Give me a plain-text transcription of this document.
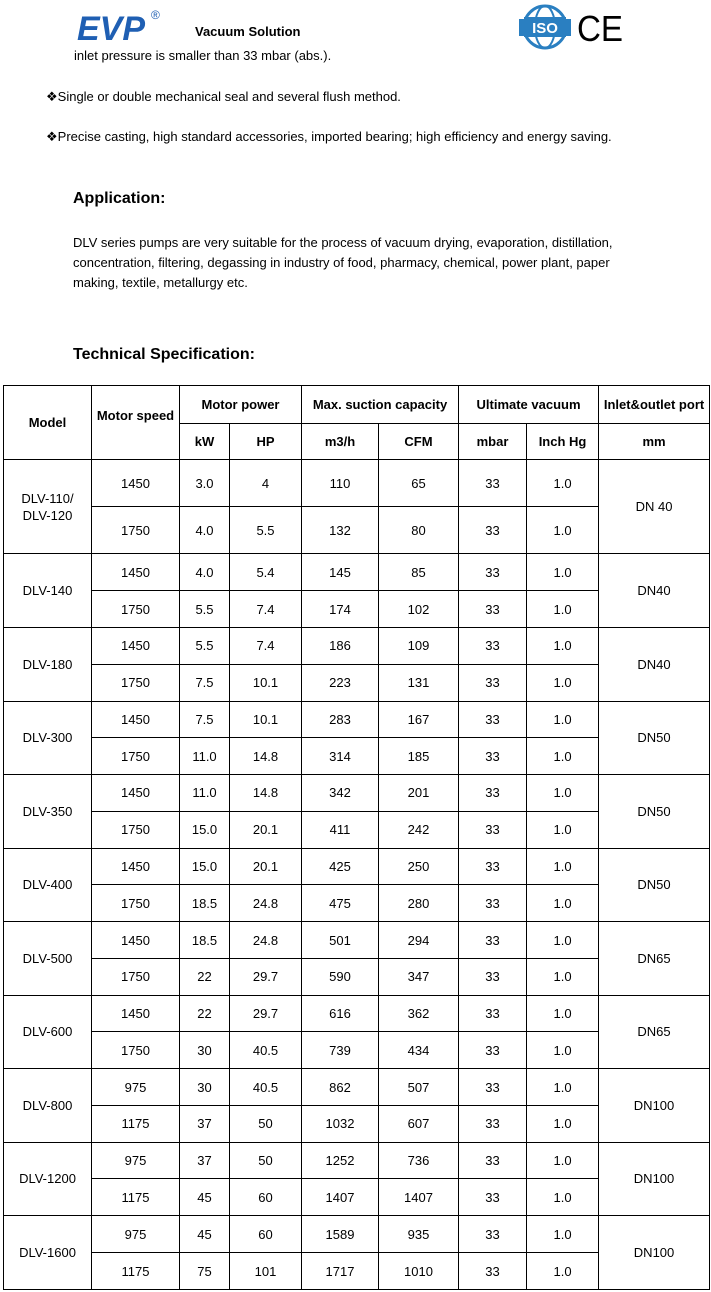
EVP ®
Vacuum Solution	ISO CE
inlet pressure is smaller than 33 mbar (abs.).
❖Single or double mechanical seal and several flush method.
❖Precise casting, high standard accessories, imported bearing; high efficiency and energy saving.
Application:
DLV series pumps are very suitable for the process of vacuum drying, evaporation, distillation,
concentration, filtering, degassing in industry of food, pharmacy, chemical, power plant, paper
making, textile, metallurgy etc.
Technical Specification:
Model	Motor speed	Motor power		Max. suction capacity		Ultimate vacuum		Inlet&outlet port
		kW	HP	m3/h	CFM	mbar	Inch Hg	mm
DLV-110/ DLV-120	1450	3.0	4	110	65	33	1.0	DN 40
	1750	4.0	5.5	132	80	33	1.0	
DLV-140	1450	4.0	5.4	145	85	33	1.0	DN40
	1750	5.5	7.4	174	102	33	1.0	
DLV-180	1450	5.5	7.4	186	109	33	1.0	DN40
	1750	7.5	10.1	223	131	33	1.0	
DLV-300	1450	7.5	10.1	283	167	33	1.0	DN50
	1750	11.0	14.8	314	185	33	1.0	
DLV-350	1450	11.0	14.8	342	201	33	1.0	DN50
	1750	15.0	20.1	411	242	33	1.0	
DLV-400	1450	15.0	20.1	425	250	33	1.0	DN50
	1750	18.5	24.8	475	280	33	1.0	
DLV-500	1450	18.5	24.8	501	294	33	1.0	DN65
	1750	22	29.7	590	347	33	1.0	
DLV-600	1450	22	29.7	616	362	33	1.0	DN65
	1750	30	40.5	739	434	33	1.0	
DLV-800	975	30	40.5	862	507	33	1.0	DN100
	1175	37	50	1032	607	33	1.0	
DLV-1200	975	37	50	1252	736	33	1.0	DN100
	1175	45	60	1407	1407	33	1.0	
DLV-1600	975	45	60	1589	935	33	1.0	DN100
	1175	75	101	1717	1010	33	1.0	
